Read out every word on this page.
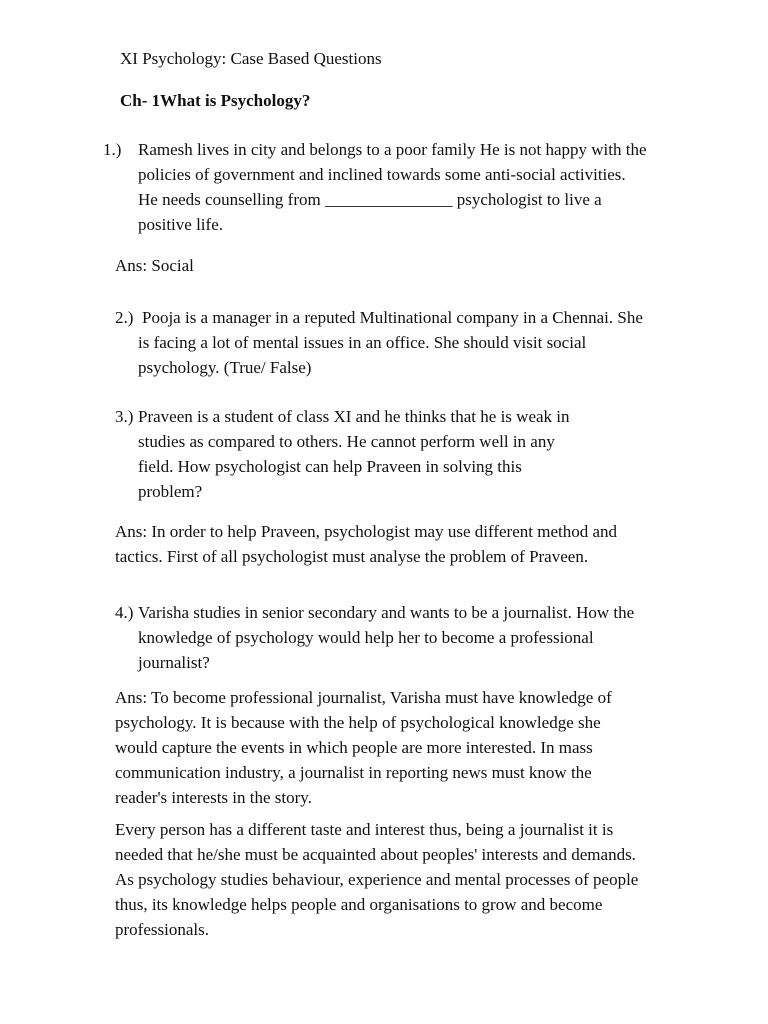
XI Psychology: Case Based Questions
Ch- 1What is Psychology?
1.) Ramesh lives in city and belongs to a poor family He is not happy with the
policies of government and inclined towards some anti-social activities.
He needs counselling from _______________ psychologist to live a
positive life.
Ans: Social
2.) Pooja is a manager in a reputed Multinational company in a Chennai. She
is facing a lot of mental issues in an office. She should visit social
psychology. (True/ False)
3.) Praveen is a student of class XI and he thinks that he is weak in
studies as compared to others. He cannot perform well in any
field. How psychologist can help Praveen in solving this
problem?
Ans: In order to help Praveen, psychologist may use different method and
tactics. First of all psychologist must analyse the problem of Praveen.
4.) Varisha studies in senior secondary and wants to be a journalist. How the
knowledge of psychology would help her to become a professional
journalist?
Ans: To become professional journalist, Varisha must have knowledge of
psychology. It is because with the help of psychological knowledge she
would capture the events in which people are more interested. In mass
communication industry, a journalist in reporting news must know the
reader's interests in the story.
Every person has a different taste and interest thus, being a journalist it is
needed that he/she must be acquainted about peoples' interests and demands.
As psychology studies behaviour, experience and mental processes of people
thus, its knowledge helps people and organisations to grow and become
professionals.
